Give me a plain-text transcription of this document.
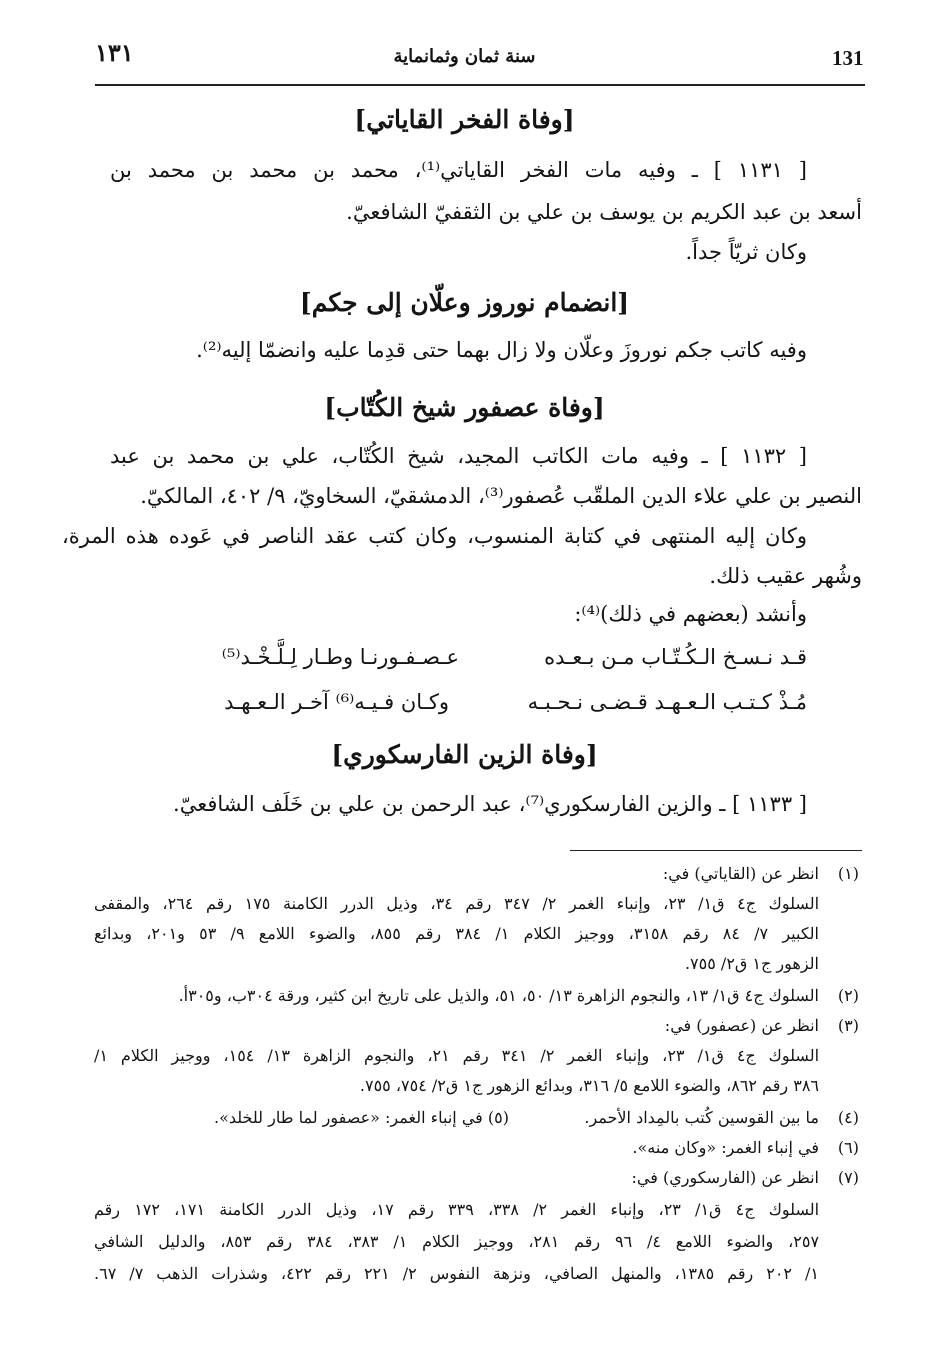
131
سنة ثمان وثمانماية
١٣١
[وفاة الفخر القاياتي]
[ ١١٣١ ] ـ وفيه مات الفخر القاياتي⁽¹⁾، محمد بن محمد بن محمد بن
أسعد بن عبد الكريم بن يوسف بن علي بن الثقفيّ الشافعيّ.
وكان ثريّاً جداً.
[انضمام نوروز وعلّان إلى جكم]
وفيه كاتب جكم نوروزَ وعلّان ولا زال بهما حتى قدِما عليه وانضمّا إليه⁽²⁾.
[وفاة عصفور شيخ الكُتّاب]
[ ١١٣٢ ] ـ وفيه مات الكاتب المجيد، شيخ الكُتّاب، علي بن محمد بن عبد
النصير بن علي علاء الدين الملقّب عُصفور⁽³⁾، الدمشقيّ، السخاويّ، ٩/ ٤٠٢، المالكيّ.
وكان إليه المنتهى في كتابة المنسوب، وكان كتب عقد الناصر في عَوده هذه المرة،
وشُهر عقيب ذلك.
وأنشد (بعضهم في ذلك)⁽⁴⁾:
قـد نـسـخ الـكُـتّـاب مـن بـعـده
عـصـفـورنـا وطـار لِـلَّـخْـد⁽⁵⁾
مُـذْ كـتـب الـعـهـد قـضـى نـحـبـه
وكـان فـيـه⁽⁶⁾ آخـر الـعـهـد
[وفاة الزين الفارسكوري]
[ ١١٣٣ ] ـ والزين الفارسكوري⁽⁷⁾، عبد الرحمن بن علي بن خَلَف الشافعيّ.
(١)
انظر عن (القاياتي) في:
السلوك ج٤ ق١/ ٢٣، وإنباء الغمر ٢/ ٣٤٧ رقم ٣٤، وذيل الدرر الكامنة ١٧٥ رقم ٢٦٤، والمقفى
الكبير ٧/ ٨٤ رقم ٣١٥٨، ووجيز الكلام ١/ ٣٨٤ رقم ٨٥٥، والضوء اللامع ٩/ ٥٣ و٢٠١، وبدائع
الزهور ج١ ق٢/ ٧٥٥.
(٢)
السلوك ج٤ ق١/ ١٣، والنجوم الزاهرة ١٣/ ٥٠، ٥١، والذيل على تاريخ ابن كثير، ورقة ٣٠٤ب، و٣٠٥أ.
(٣)
انظر عن (عصفور) في:
السلوك ج٤ ق١/ ٢٣، وإنباء الغمر ٢/ ٣٤١ رقم ٢١، والنجوم الزاهرة ١٣/ ١٥٤، ووجيز الكلام ١/
٣٨٦ رقم ٨٦٢، والضوء اللامع ٥/ ٣١٦، وبدائع الزهور ج١ ق٢/ ٧٥٤، ٧٥٥.
(٤)
ما بين القوسين كُتب بالمِداد الأحمر.
(٥) في إنباء الغمر: «عصفور لما طار للخلد».
(٦)
في إنباء الغمر: «وكان منه».
(٧)
انظر عن (الفارسكوري) في:
السلوك ج٤ ق١/ ٢٣، وإنباء الغمر ٢/ ٣٣٨، ٣٣٩ رقم ١٧، وذيل الدرر الكامنة ١٧١، ١٧٢ رقم
٢٥٧، والضوء اللامع ٤/ ٩٦ رقم ٢٨١، ووجيز الكلام ١/ ٣٨٣، ٣٨٤ رقم ٨٥٣، والدليل الشافي
١/ ٢٠٢ رقم ١٣٨٥، والمنهل الصافي، ونزهة النفوس ٢/ ٢٢١ رقم ٤٢٢، وشذرات الذهب ٧/ ٦٧.
